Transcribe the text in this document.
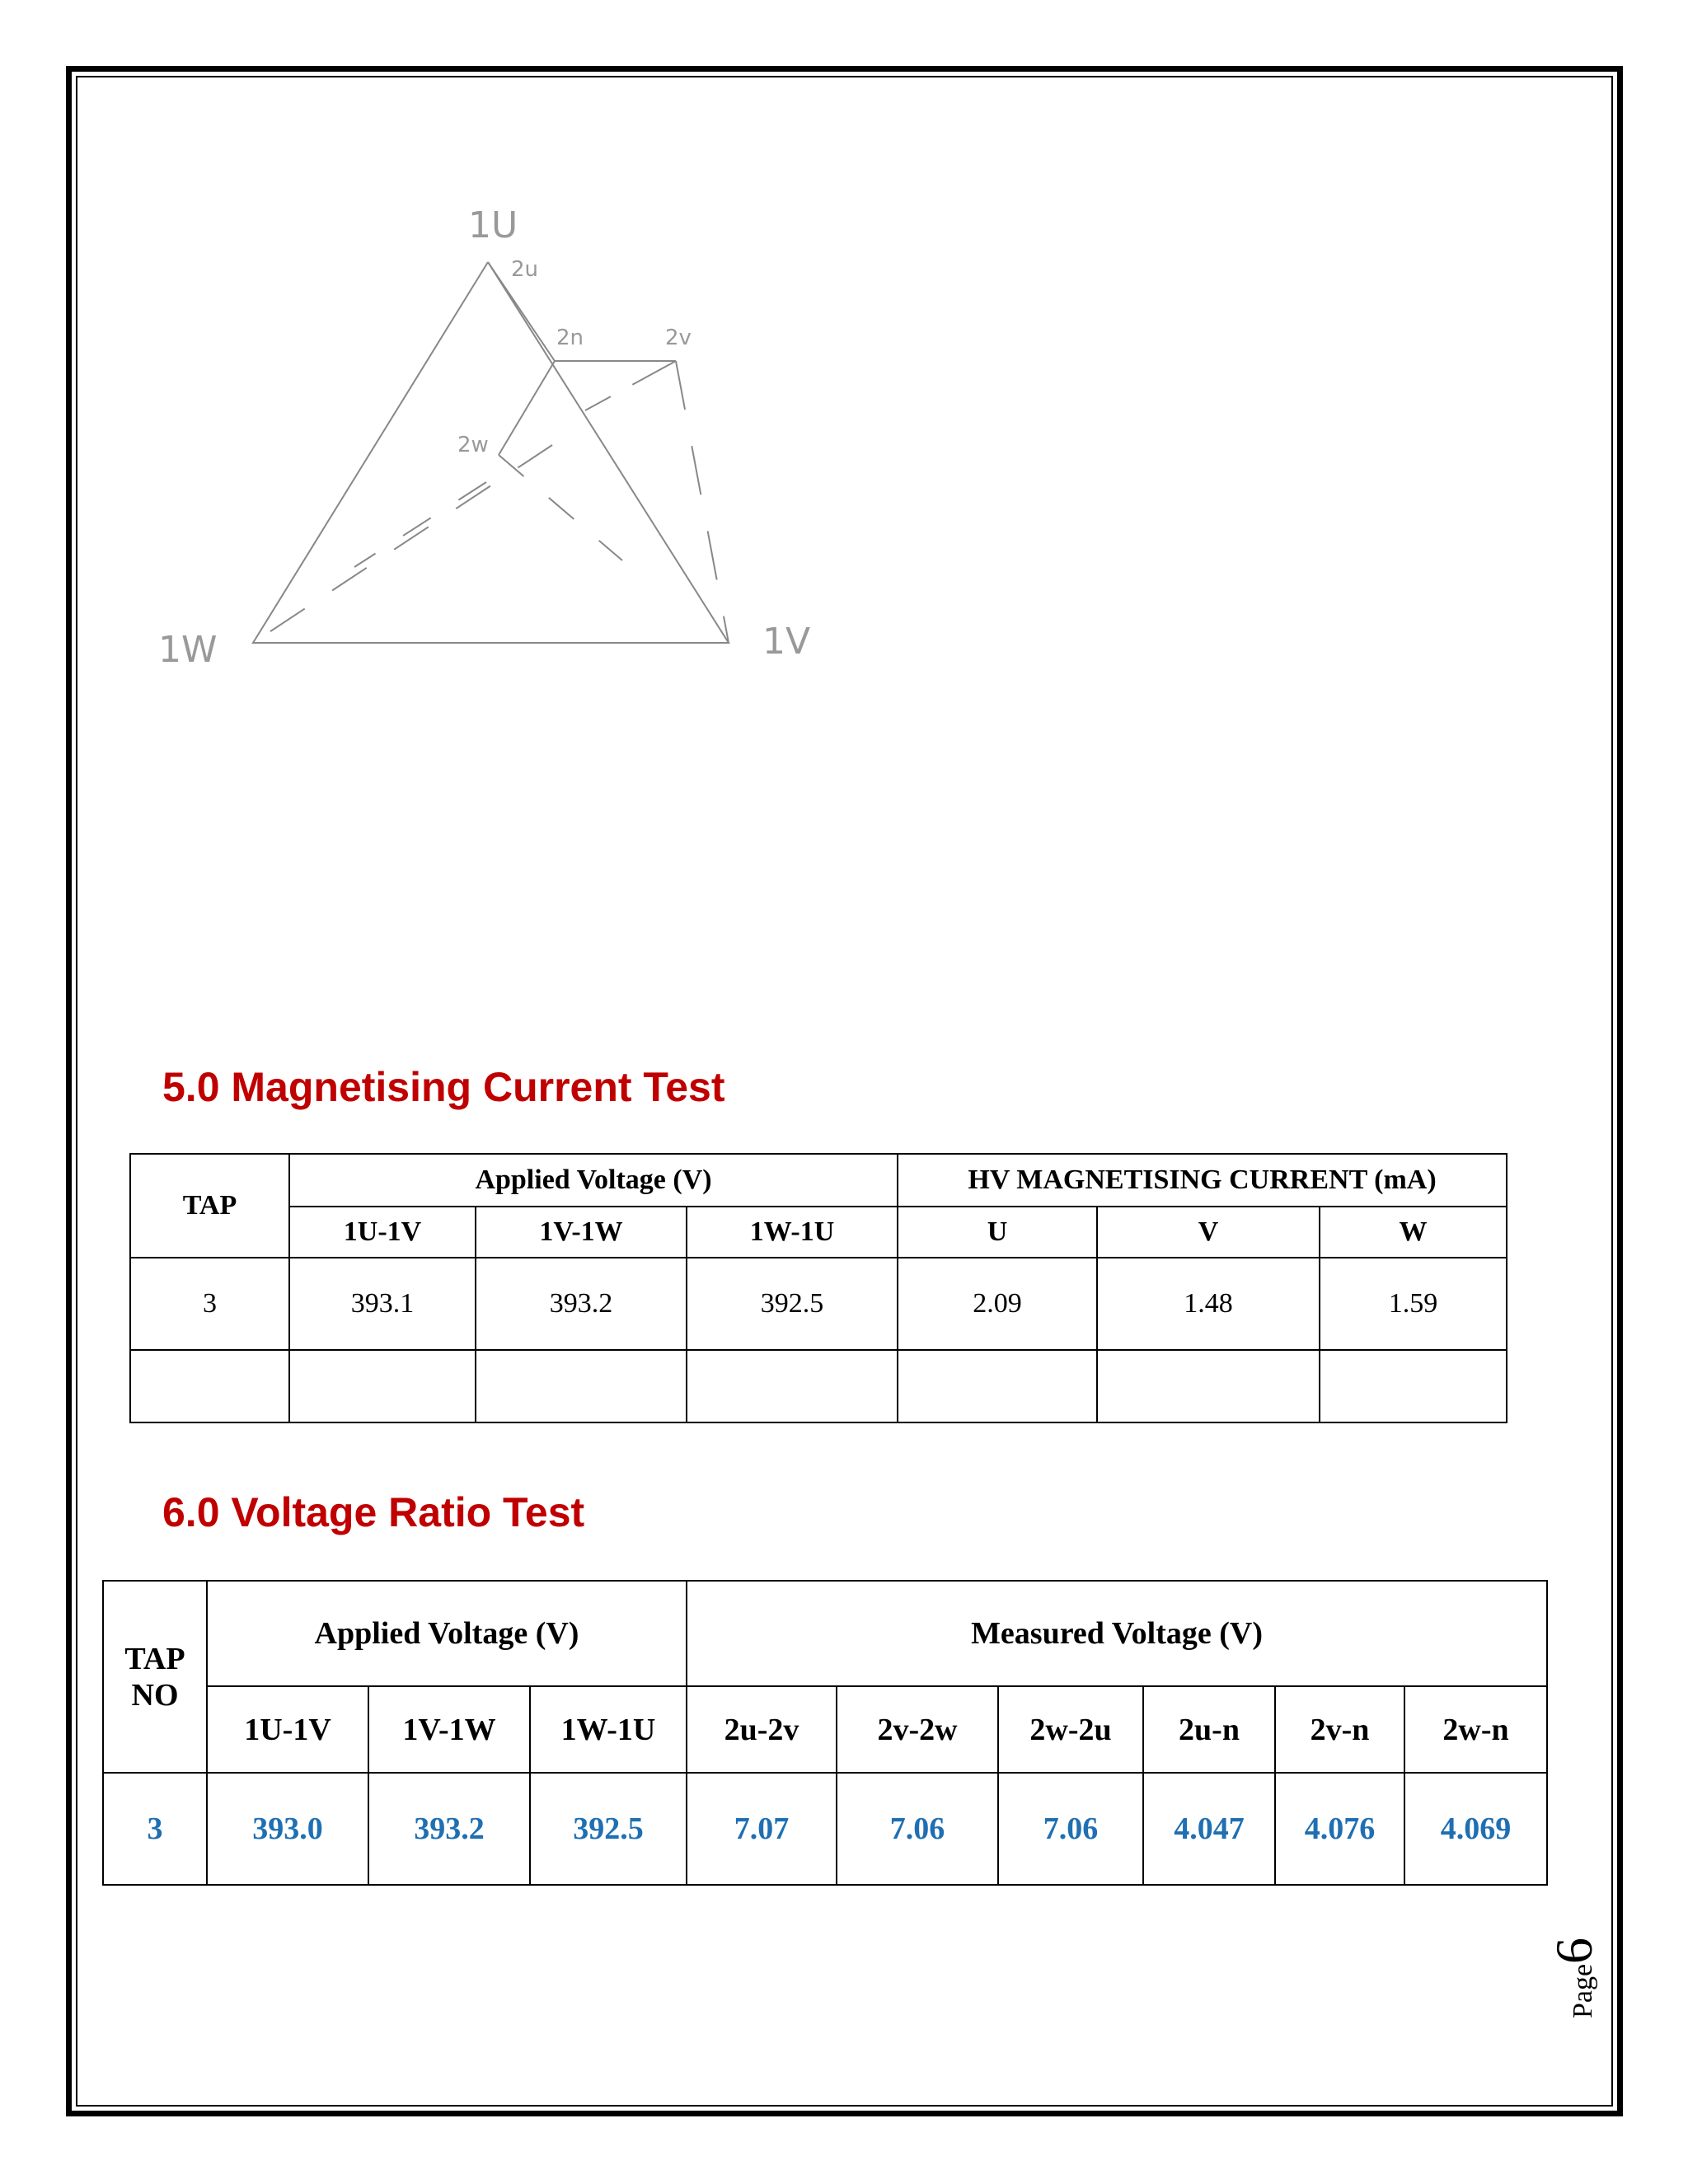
1U
1V
1W
2u
2n	2v
2w
5.0 Magnetising Current Test
TAP	Applied Voltage (V)			HV MAGNETISING CURRENT (mA)		
	1U-1V	1V-1W	1W-1U	U	V	W
3	393.1	393.2	392.5	2.09	1.48	1.59

6.0 Voltage Ratio Test
TAP
NO	Applied Voltage (V)			Measured Voltage (V)					
	1U-1V	1V-1W	1W-1U	2u-2v	2v-2w	2w-2u	2u-n	2v-n	2w-n
3	393.0	393.2	392.5	7.07	7.06	7.06	4.047	4.076	4.069
Page6
